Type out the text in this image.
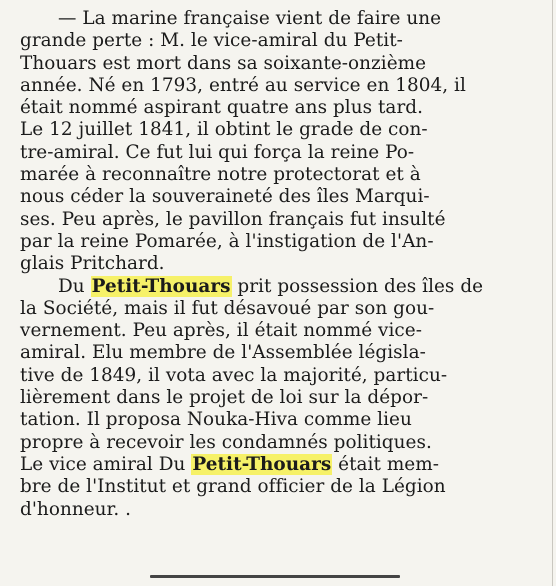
— La marine française vient de faire une
grande perte : M. le vice-amiral du Petit-
Thouars est mort dans sa soixante-onzième
année. Né en 1793, entré au service en 1804, il
était nommé aspirant quatre ans plus tard.
Le 12 juillet 1841, il obtint le grade de con-
tre-amiral. Ce fut lui qui força la reine Po-
marée à reconnaître notre protectorat et à
nous céder la souveraineté des îles Marqui-
ses. Peu après, le pavillon français fut insulté
par la reine Pomarée, à l'instigation de l'An-
glais Pritchard.
Du Petit-Thouars prit possession des îles de
la Société, mais il fut désavoué par son gou-
vernement. Peu après, il était nommé vice-
amiral. Elu membre de l'Assemblée législa-
tive de 1849, il vota avec la majorité, particu-
lièrement dans le projet de loi sur la dépor-
tation. Il proposa Nouka-Hiva comme lieu
propre à recevoir les condamnés politiques.
Le vice amiral Du Petit-Thouars était mem-
bre de l'Institut et grand officier de la Légion
d'honneur. .
